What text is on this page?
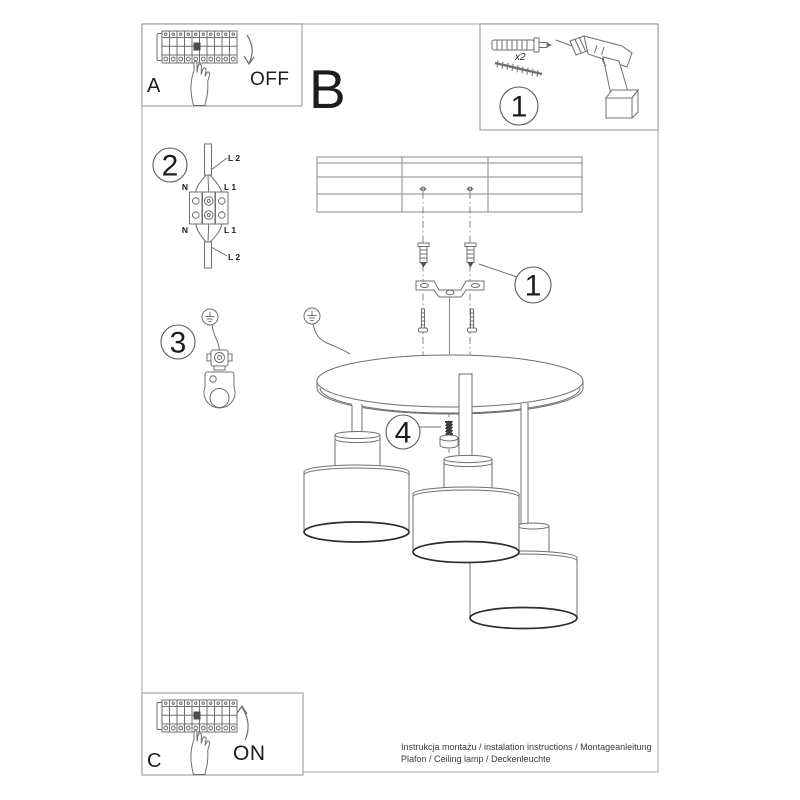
1
4
2	L 2
N	L 1
N	L 1
L 2
3
A	OFF B
x2
1
C	ON	Instrukcja montażu / instalation instructions / Montageanleitung
Plafon / Ceiling lamp / Deckenleuchte
